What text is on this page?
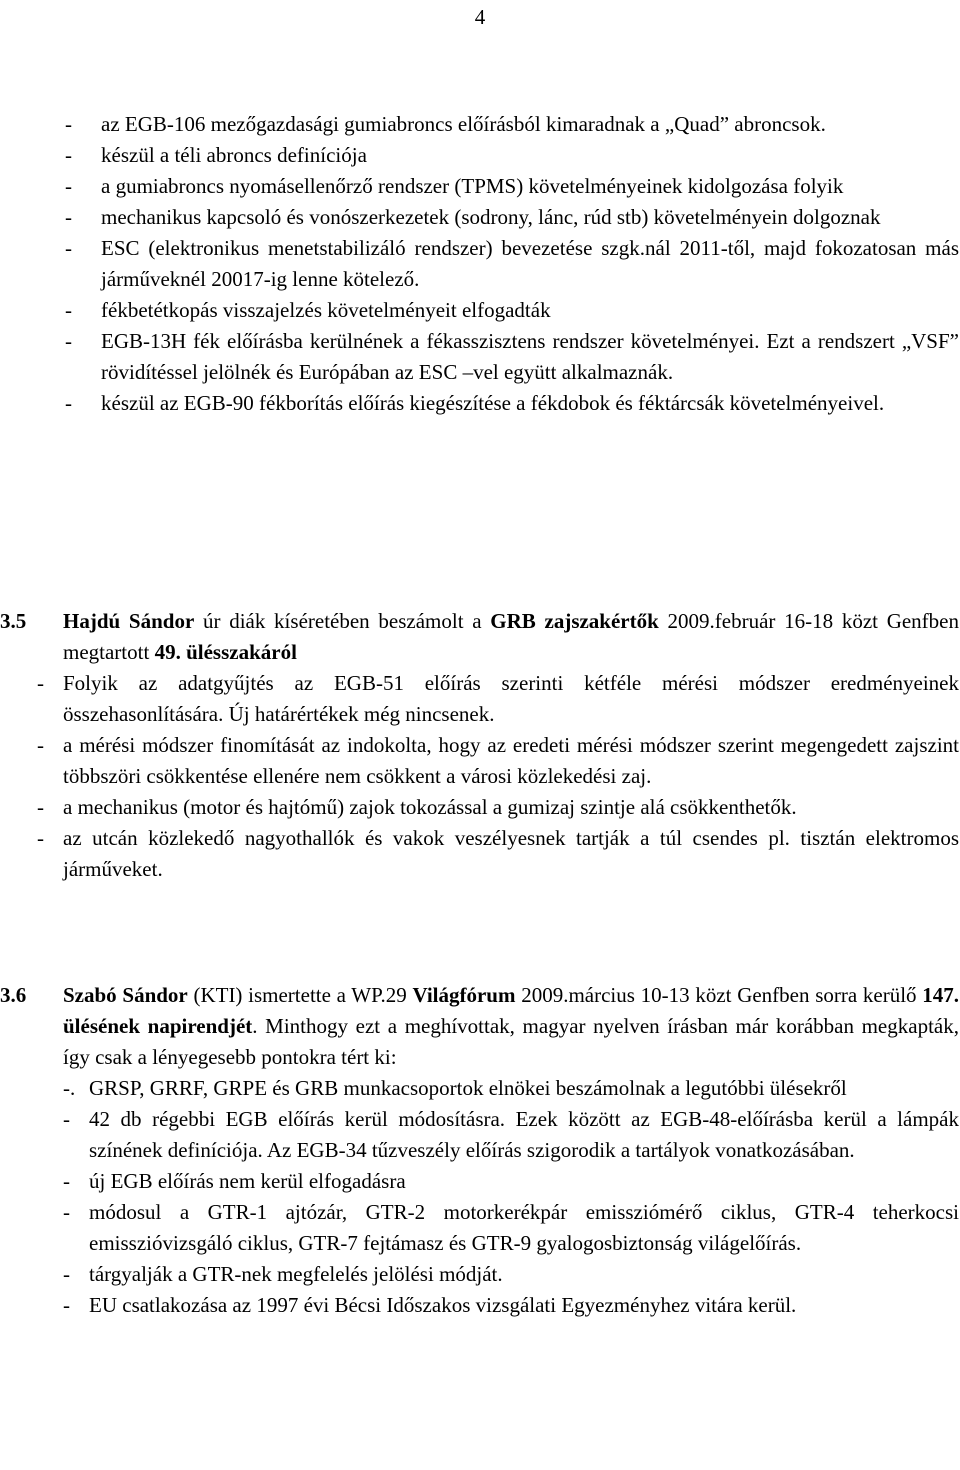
4
- az EGB-106 mezőgazdasági gumiabroncs előírásból kimaradnak a „Quad” abroncsok.
- készül a téli abroncs definíciója
- a gumiabroncs nyomásellenőrző rendszer (TPMS) követelményeinek kidolgozása folyik
- mechanikus kapcsoló és vonószerkezetek (sodrony, lánc, rúd stb) követelményein dolgoznak
- ESC (elektronikus menetstabilizáló rendszer) bevezetése szgk.nál 2011-től, majd fokozatosan más járműveknél 20017-ig lenne kötelező.
- fékbetétkopás visszajelzés követelményeit elfogadták
- EGB-13H fék előírásba kerülnének a fékasszisztens rendszer követelményei. Ezt a rendszert „VSF” rövidítéssel jelölnék és Európában az ESC –vel együtt alkalmaznák.
- készül az EGB-90 fékborítás előírás kiegészítése a fékdobok és féktárcsák követelményeivel.
3.5 Hajdú Sándor úr diák kíséretében beszámolt a GRB zajszakértők 2009.február 16-18 közt Genfben megtartott 49. ülésszakáról
- Folyik az adatgyűjtés az EGB-51 előírás szerinti kétféle mérési módszer eredményeinek összehasonlítására. Új határértékek még nincsenek.
- a mérési módszer finomítását az indokolta, hogy az eredeti mérési módszer szerint megengedett zajszint többszöri csökkentése ellenére nem csökkent a városi közlekedési zaj.
- a mechanikus (motor és hajtómű) zajok tokozással a gumizaj szintje alá csökkenthetők.
- az utcán közlekedő nagyothallók és vakok veszélyesnek tartják a túl csendes pl. tisztán elektromos járműveket.
3.6 Szabó Sándor (KTI) ismertette a WP.29 Világfórum 2009.március 10-13 közt Genfben sorra kerülő 147. ülésének napirendjét. Minthogy ezt a meghívottak, magyar nyelven írásban már korábban megkapták, így csak a lényegesebb pontokra tért ki:
-. GRSP, GRRF, GRPE és GRB munkacsoportok elnökei beszámolnak a legutóbbi ülésekről
- 42 db régebbi EGB előírás kerül módosításra. Ezek között az EGB-48-előírásba kerül a lámpák színének definíciója. Az EGB-34 tűzveszély előírás szigorodik a tartályok vonatkozásában.
- új EGB előírás nem kerül elfogadásra
- módosul a GTR-1 ajtózár, GTR-2 motorkerékpár emissziómérő ciklus, GTR-4 teherkocsi emisszióvizsgáló ciklus, GTR-7 fejtámasz és GTR-9 gyalogosbiztonság világelőírás.
- tárgyalják a GTR-nek megfelelés jelölési módját.
- EU csatlakozása az 1997 évi Bécsi Időszakos vizsgálati Egyezményhez vitára kerül.
